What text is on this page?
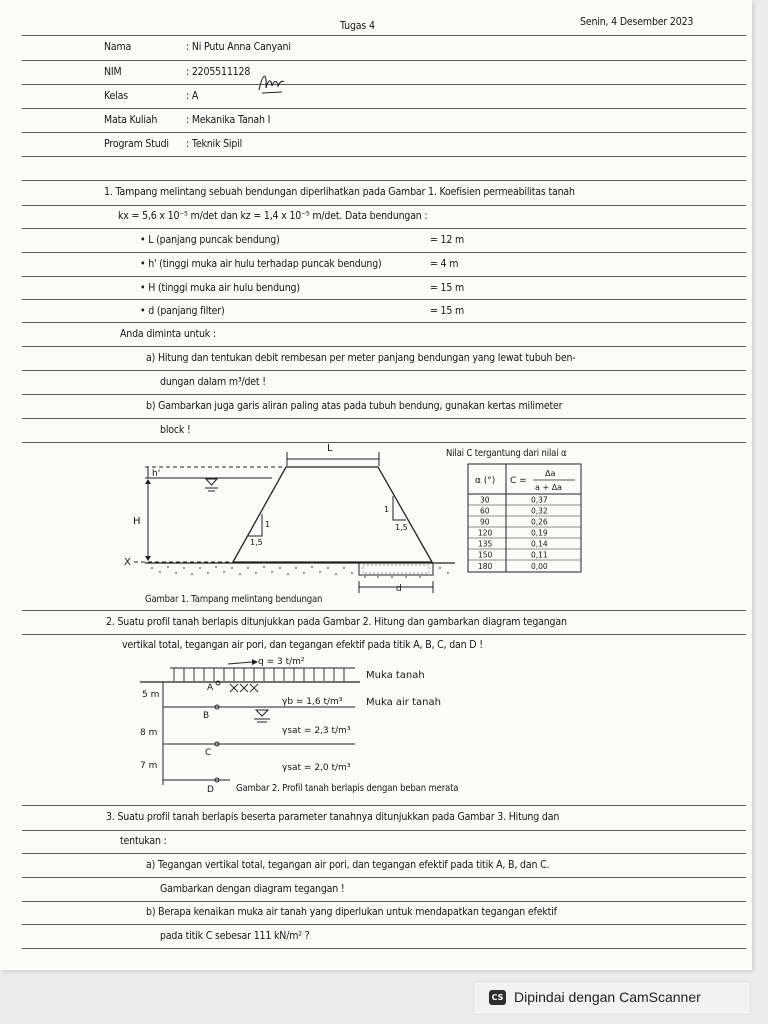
Tugas 4	Senin, 4 Desember 2023
Nama	: Ni Putu Anna Canyani
NIM	: 2205511128
Kelas	: A
Mata Kuliah	: Mekanika Tanah I
Program Studi : Teknik Sipil
1. Tampang melintang sebuah bendungan diperlihatkan pada Gambar 1. Koefisien permeabilitas tanah
kx = 5,6 x 10⁻⁵ m/det dan kz = 1,4 x 10⁻⁵ m/det. Data bendungan :
• L (panjang puncak bendung)	= 12 m
• h' (tinggi muka air hulu terhadap puncak bendung)	= 4 m
• H (tinggi muka air hulu bendung)	= 15 m
• d (panjang filter)	= 15 m
Anda diminta untuk :
a) Hitung dan tentukan debit rembesan per meter panjang bendungan yang lewat tubuh ben-
dungan dalam m³/det !
b) Gambarkan juga garis aliran paling atas pada tubuh bendung, gunakan kertas milimeter
block !
L
h'
H
X
1
1,5
1
1,5
d
Gambar 1. Tampang melintang bendungan
Nilai C tergantung dari nilai α
α (°) C =
Δa
a + Δa
30	0,37
60	0,32
90	0,26
120	0,19
135	0,14
150	0,11
180	0,00
2. Suatu profil tanah berlapis ditunjukkan pada Gambar 2. Hitung dan gambarkan diagram tegangan
vertikal total, tegangan air pori, dan tegangan efektif pada titik A, B, C, dan D !
q = 3 t/m²
A
Muka tanah
Muka air tanah
5 m
γb = 1,6 t/m³
B
8 m	γsat = 2,3 t/m³
C
7 m	γsat = 2,0 t/m³
D Gambar 2. Profil tanah berlapis dengan beban merata
3. Suatu profil tanah berlapis beserta parameter tanahnya ditunjukkan pada Gambar 3. Hitung dan
tentukan :
a) Tegangan vertikal total, tegangan air pori, dan tegangan efektif pada titik A, B, dan C.
Gambarkan dengan diagram tegangan !
b) Berapa kenaikan muka air tanah yang diperlukan untuk mendapatkan tegangan efektif
pada titik C sebesar 111 kN/m² ?
CS Dipindai dengan CamScanner
